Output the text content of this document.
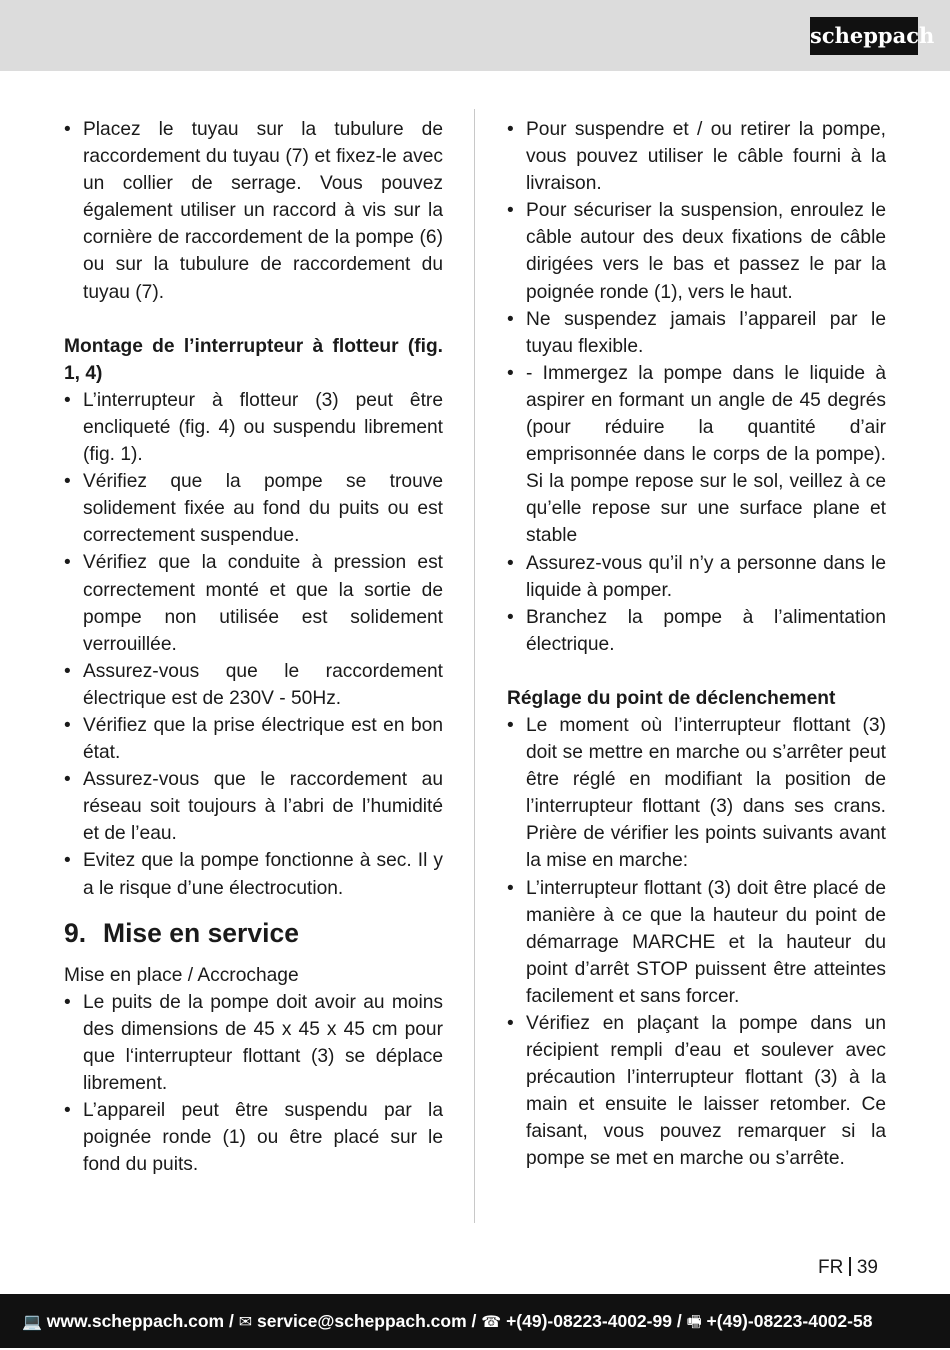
scheppach
• Placez le tuyau sur la tubulure de raccordement du tuyau (7) et fixez-le avec un collier de serrage. Vous pouvez également utiliser un raccord à vis sur la cornière de raccordement de la pompe (6) ou sur la tubulure de raccordement du tuyau (7).
Montage de l’interrupteur à flotteur (fig. 1, 4)
• L’interrupteur à flotteur (3) peut être encliqueté (fig. 4) ou suspendu librement (fig. 1).
• Vérifiez que la pompe se trouve solidement fixée au fond du puits ou est correctement suspendue.
• Vérifiez que la conduite à pression est correctement monté et que la sortie de pompe non utilisée est solidement verrouillée.
• Assurez-vous que le raccordement électrique est de 230V - 50Hz.
• Vérifiez que la prise électrique est en bon état.
• Assurez-vous que le raccordement au réseau soit toujours à l’abri de l’humidité et de l’eau.
• Evitez que la pompe fonctionne à sec. Il y a le risque d’une électrocution.
9. Mise en service
Mise en place / Accrochage
• Le puits de la pompe doit avoir au moins des dimensions de 45 x 45 x 45 cm pour que l‘interrupteur flottant (3) se déplace librement.
• L’appareil peut être suspendu par la poignée ronde (1) ou être placé sur le fond du puits.
• Pour suspendre et / ou retirer la pompe, vous pouvez utiliser le câble fourni à la livraison.
• Pour sécuriser la suspension, enroulez le câble autour des deux fixations de câble dirigées vers le bas et passez le par la poignée ronde (1), vers le haut.
• Ne suspendez jamais l’appareil par le tuyau flexible.
• - Immergez la pompe dans le liquide à aspirer en formant un angle de 45 degrés (pour réduire la quantité d’air emprisonnée dans le corps de la pompe). Si la pompe repose sur le sol, veillez à ce qu’elle repose sur une surface plane et stable
• Assurez-vous qu’il n’y a personne dans le liquide à pomper.
• Branchez la pompe à l’alimentation électrique.
Réglage du point de déclenchement
• Le moment où l’interrupteur flottant (3) doit se mettre en marche ou s’arrêter peut être réglé en modifiant la position de l’interrupteur flottant (3) dans ses crans. Prière de vérifier les points suivants avant la mise en marche:
• L’interrupteur flottant (3) doit être placé de manière à ce que la hauteur du point de démarrage MARCHE et la hauteur du point d’arrêt STOP puissent être atteintes facilement et sans forcer.
• Vérifiez en plaçant la pompe dans un récipient rempli d’eau et soulever avec précaution l’interrupteur flottant (3) à la main et ensuite le laisser retomber. Ce faisant, vous pouvez remarquer si la pompe se met en marche ou s’arrête.
FR 39
💻 www.scheppach.com / ✉ service@scheppach.com / ☎ +(49)-08223-4002-99 / 🖷 +(49)-08223-4002-58
